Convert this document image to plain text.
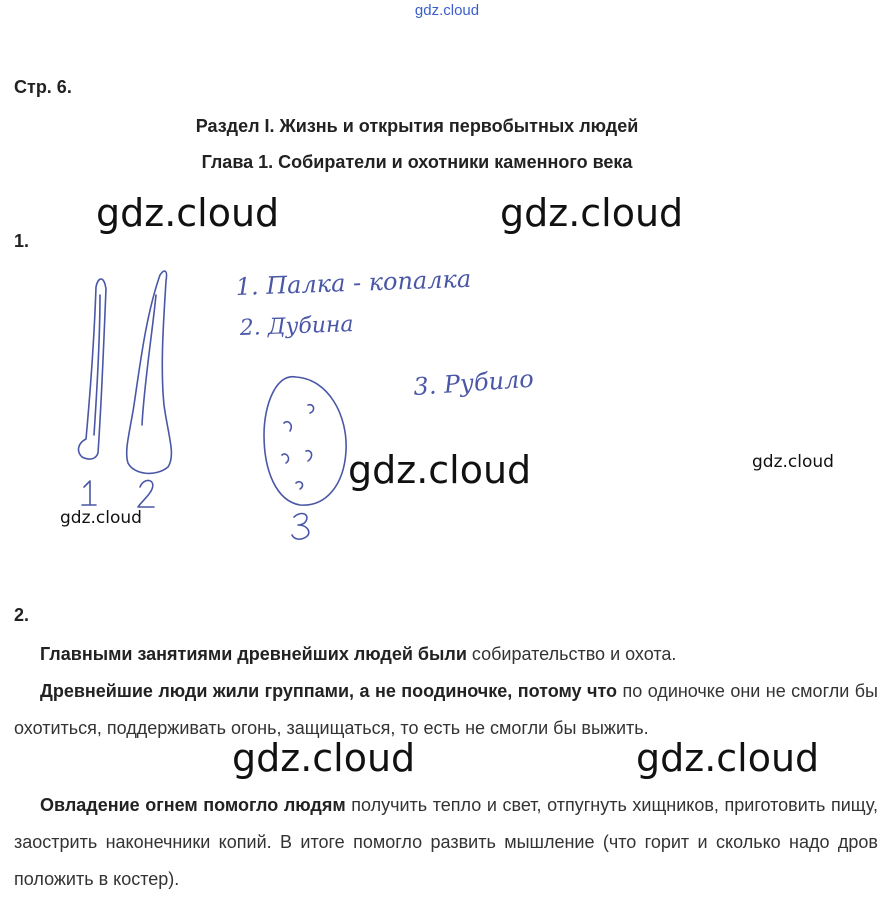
gdz.cloud
Стр. 6.
Раздел I. Жизнь и открытия первобытных людей
Глава 1. Собиратели и охотники каменного века
gdz.cloud	gdz.cloud
1.
1. Палка - копалка
2. Дубина
3. Рубило
gdz.cloud	gdz.cloud
gdz.cloud
2.
Главными занятиями древнейших людей были собирательство и охота.
Древнейшие люди жили группами, а не поодиночке, потому что по одиночке они не смогли бы охотиться, поддерживать огонь, защищаться, то есть не смогли бы выжить.
Овладение огнем помогло людям получить тепло и свет, отпугнуть хищников, приготовить пищу, заострить наконечники копий. В итоге помогло развить мышление (что горит и сколько надо дров положить в костер).
gdz.cloud	gdz.cloud
